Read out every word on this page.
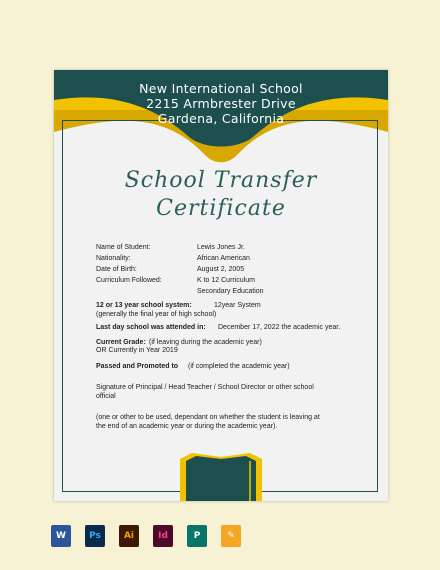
New International School
2215 Armbrester Drive
Gardena, California
School Transfer
Certificate
Name of Student:	Lewis Jones Jr.
Nationality:	African American
Date of Birth:	August 2, 2005
Curriculum Followed:	K to 12 Curriculum
Secondary Education
12 or 13 year school system:	12year System
(generally the final year of high school)
Last day school was attended in: December 17, 2022 the academic year.
Current Grade: (if leaving during the academic year)
OR Currently in Year 2019
Passed and Promoted to (if completed the academic year)
Signature of Principal / Head Teacher / School Director or other school
official
(one or other to be used, dependant on whether the student is leaving at
the end of an academic year or during the academic year).
W	Ps	Ai	Id	P	✎
